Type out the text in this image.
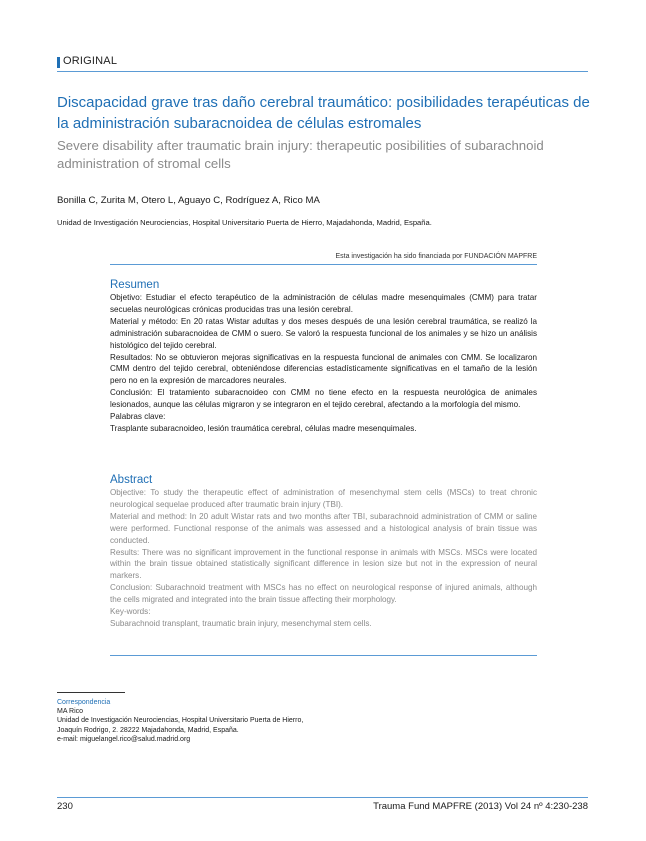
ORIGINAL
Discapacidad grave tras daño cerebral traumático: posibilidades terapéuticas de la administración subaracnoidea de células estromales
Severe disability after traumatic brain injury: therapeutic posibilities of subarachnoid administration of stromal cells
Bonilla C, Zurita M, Otero L, Aguayo C, Rodríguez A, Rico MA
Unidad de Investigación Neurociencias, Hospital Universitario Puerta de Hierro, Majadahonda, Madrid, España.
Esta investigación ha sido financiada por FUNDACIÓN MAPFRE
Resumen

Objetivo: Estudiar el efecto terapéutico de la administración de células madre mesenquimales (CMM) para tratar secuelas neurológicas crónicas producidas tras una lesión cerebral.

Material y método: En 20 ratas Wistar adultas y dos meses después de una lesión cerebral traumática, se realizó la administración subaracnoidea de CMM o suero. Se valoró la respuesta funcional de los animales y se hizo un análisis histológico del tejido cerebral.

Resultados: No se obtuvieron mejoras significativas en la respuesta funcional de animales con CMM. Se localizaron CMM dentro del tejido cerebral, obteniéndose diferencias estadísticamente significativas en el tamaño de la lesión pero no en la expresión de marcadores neurales.

Conclusión: El tratamiento subaracnoideo con CMM no tiene efecto en la respuesta neurológica de animales lesionados, aunque las células migraron y se integraron en el tejido cerebral, afectando a la morfología del mismo.

Palabras clave:

Trasplante subaracnoideo, lesión traumática cerebral, células madre mesenquimales.

Abstract

Objective: To study the therapeutic effect of administration of mesenchymal stem cells (MSCs) to treat chronic neurological sequelae produced after traumatic brain injury (TBI).

Material and method: In 20 adult Wistar rats and two months after TBI, subarachnoid administration of CMM or saline were performed. Functional response of the animals was assessed and a histological analysis of brain tissue was conducted.

Results: There was no significant improvement in the functional response in animals with MSCs. MSCs were located within the brain tissue obtained statistically significant difference in lesion size but not in the expression of neural markers.

Conclusion: Subarachnoid treatment with MSCs has no effect on neurological response of injured animals, although the cells migrated and integrated into the brain tissue affecting their morphology.

Key-words:

Subarachnoid transplant, traumatic brain injury, mesenchymal stem cells.

Correspondencia
MA Rico
Unidad de Investigación Neurociencias, Hospital Universitario Puerta de Hierro,
Joaquín Rodrigo, 2. 28222 Majadahonda, Madrid, España.
e-mail: miguelangel.rico@salud.madrid.org
230	Trauma Fund MAPFRE (2013) Vol 24 nº 4:230-238
